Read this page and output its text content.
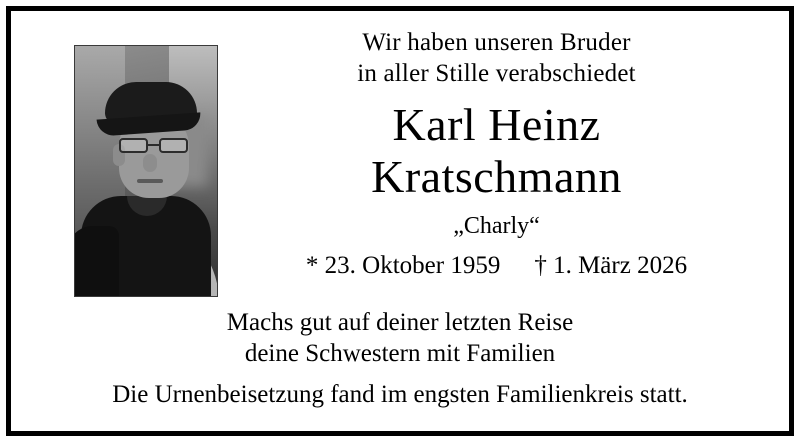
Wir haben unseren Bruder
in aller Stille verabschiedet
Karl Heinz
Kratschmann
„Charly“
* 23. Oktober 1959 † 1. März 2026
Machs gut auf deiner letzten Reise
deine Schwestern mit Familien
Die Urnenbeisetzung fand im engsten Familienkreis statt.
